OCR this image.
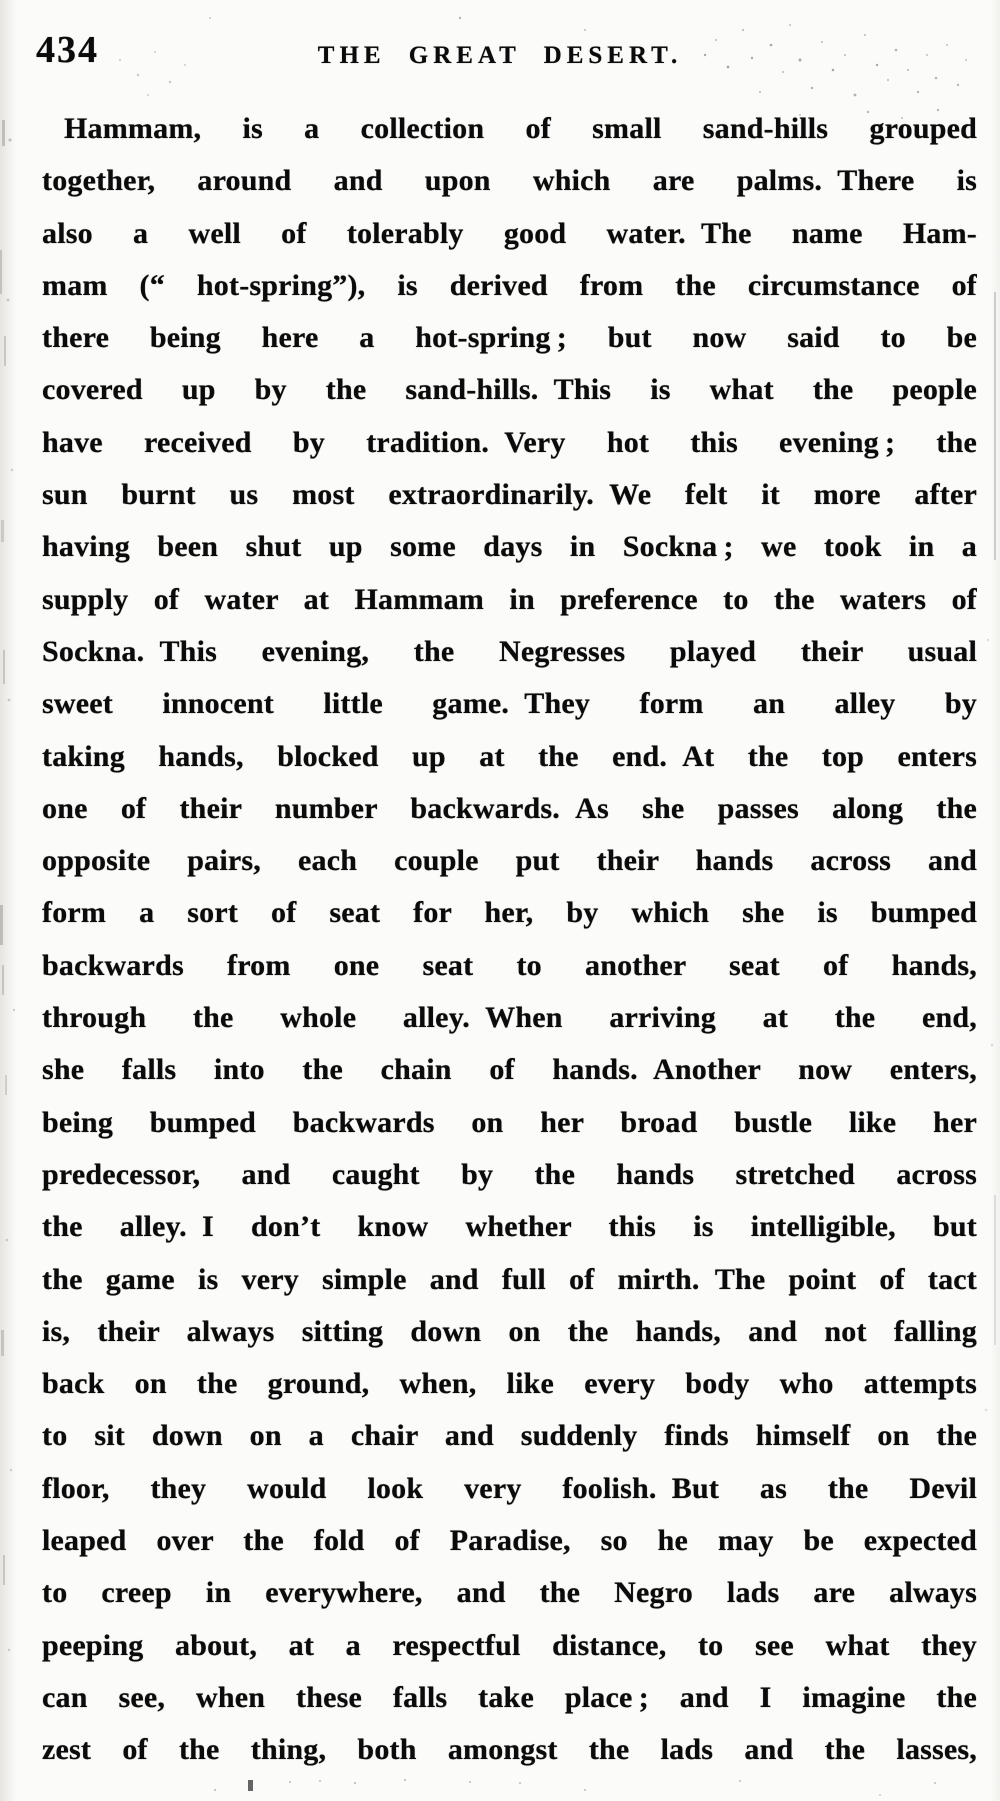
434	THE GREAT DESERT.
Hammam, is a collection of small sand-hills grouped
together, around and upon which are palms. There is
also a well of tolerably good water. The name Ham-
mam (“ hot-spring”), is derived from the circumstance of
there being here a hot-spring ; but now said to be
covered up by the sand-hills. This is what the people
have received by tradition. Very hot this evening ; the
sun burnt us most extraordinarily. We felt it more after
having been shut up some days in Sockna ; we took in a
supply of water at Hammam in preference to the waters of
Sockna. This evening, the Negresses played their usual
sweet innocent little game. They form an alley by
taking hands, blocked up at the end. At the top enters
one of their number backwards. As she passes along the
opposite pairs, each couple put their hands across and
form a sort of seat for her, by which she is bumped
backwards from one seat to another seat of hands,
through the whole alley. When arriving at the end,
she falls into the chain of hands. Another now enters,
being bumped backwards on her broad bustle like her
predecessor, and caught by the hands stretched across
the alley. I don’t know whether this is intelligible, but
the game is very simple and full of mirth. The point of tact
is, their always sitting down on the hands, and not falling
back on the ground, when, like every body who attempts
to sit down on a chair and suddenly finds himself on the
floor, they would look very foolish. But as the Devil
leaped over the fold of Paradise, so he may be expected
to creep in everywhere, and the Negro lads are always
peeping about, at a respectful distance, to see what they
can see, when these falls take place ; and I imagine the
zest of the thing, both amongst the lads and the lasses,
